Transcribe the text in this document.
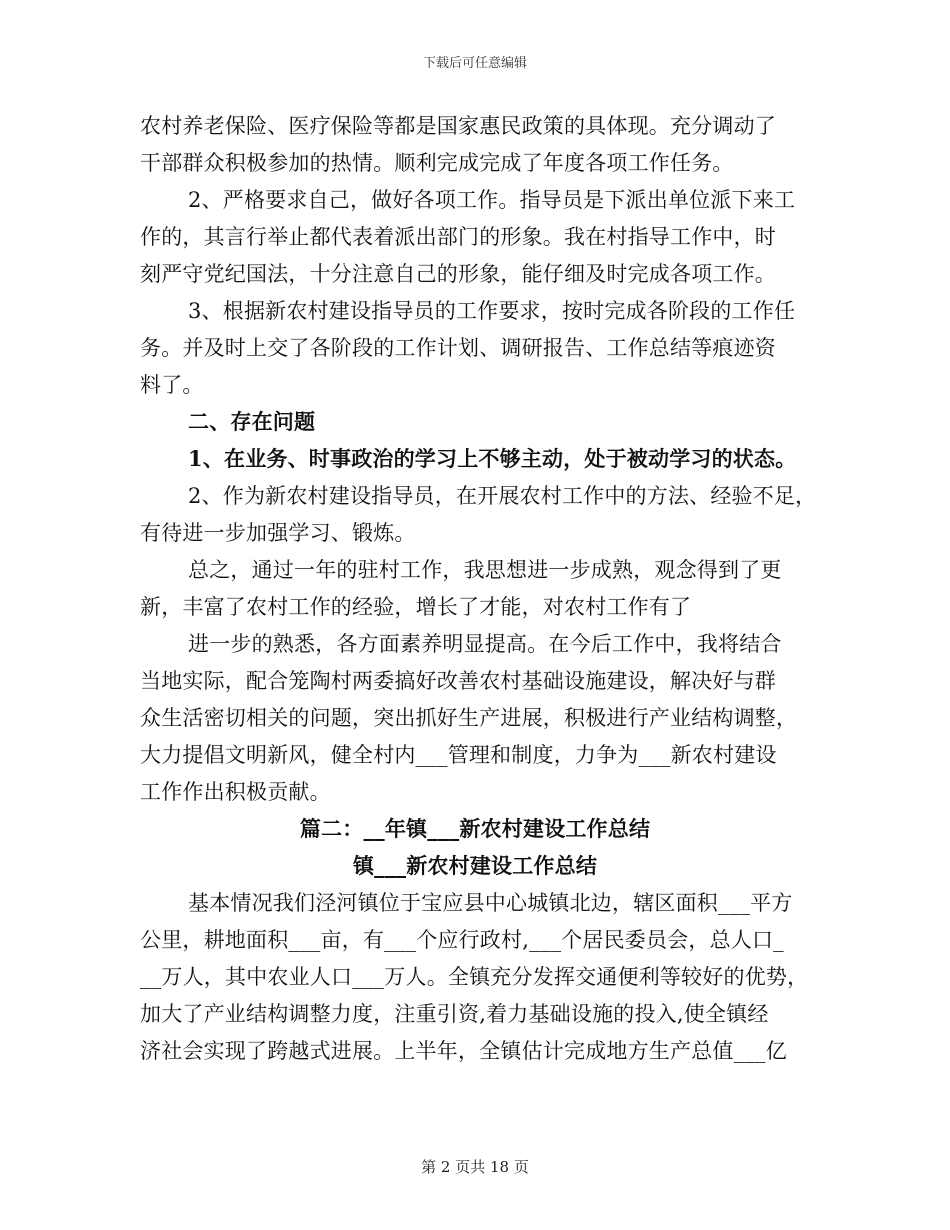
下载后可任意编辑
农村养老保险、医疗保险等都是国家惠民政策的具体现。充分调动了
干部群众积极参加的热情。顺利完成完成了年度各项工作任务。
2、严格要求自己，做好各项工作。指导员是下派出单位派下来工
作的，其言行举止都代表着派出部门的形象。我在村指导工作中，时
刻严守党纪国法，十分注意自己的形象，能仔细及时完成各项工作。
3、根据新农村建设指导员的工作要求，按时完成各阶段的工作任
务。并及时上交了各阶段的工作计划、调研报告、工作总结等痕迹资
料了。
二、存在问题
1、在业务、时事政治的学习上不够主动，处于被动学习的状态。
2、作为新农村建设指导员，在开展农村工作中的方法、经验不足，
有待进一步加强学习、锻炼。
总之，通过一年的驻村工作，我思想进一步成熟，观念得到了更
新，丰富了农村工作的经验，增长了才能，对农村工作有了
进一步的熟悉，各方面素养明显提高。在今后工作中，我将结合
当地实际，配合笼陶村两委搞好改善农村基础设施建设，解决好与群
众生活密切相关的问题，突出抓好生产进展，积极进行产业结构调整，
大力提倡文明新风，健全村内___管理和制度，力争为___新农村建设
工作作出积极贡献。
篇二：__年镇___新农村建设工作总结
镇___新农村建设工作总结
基本情况我们泾河镇位于宝应县中心城镇北边，辖区面积___平方
公里，耕地面积___亩，有___个应行政村,___个居民委员会，总人口_
__万人，其中农业人口___万人。全镇充分发挥交通便利等较好的优势，
加大了产业结构调整力度，注重引资,着力基础设施的投入,使全镇经
济社会实现了跨越式进展。上半年，全镇估计完成地方生产总值___亿
第 2 页共 18 页
